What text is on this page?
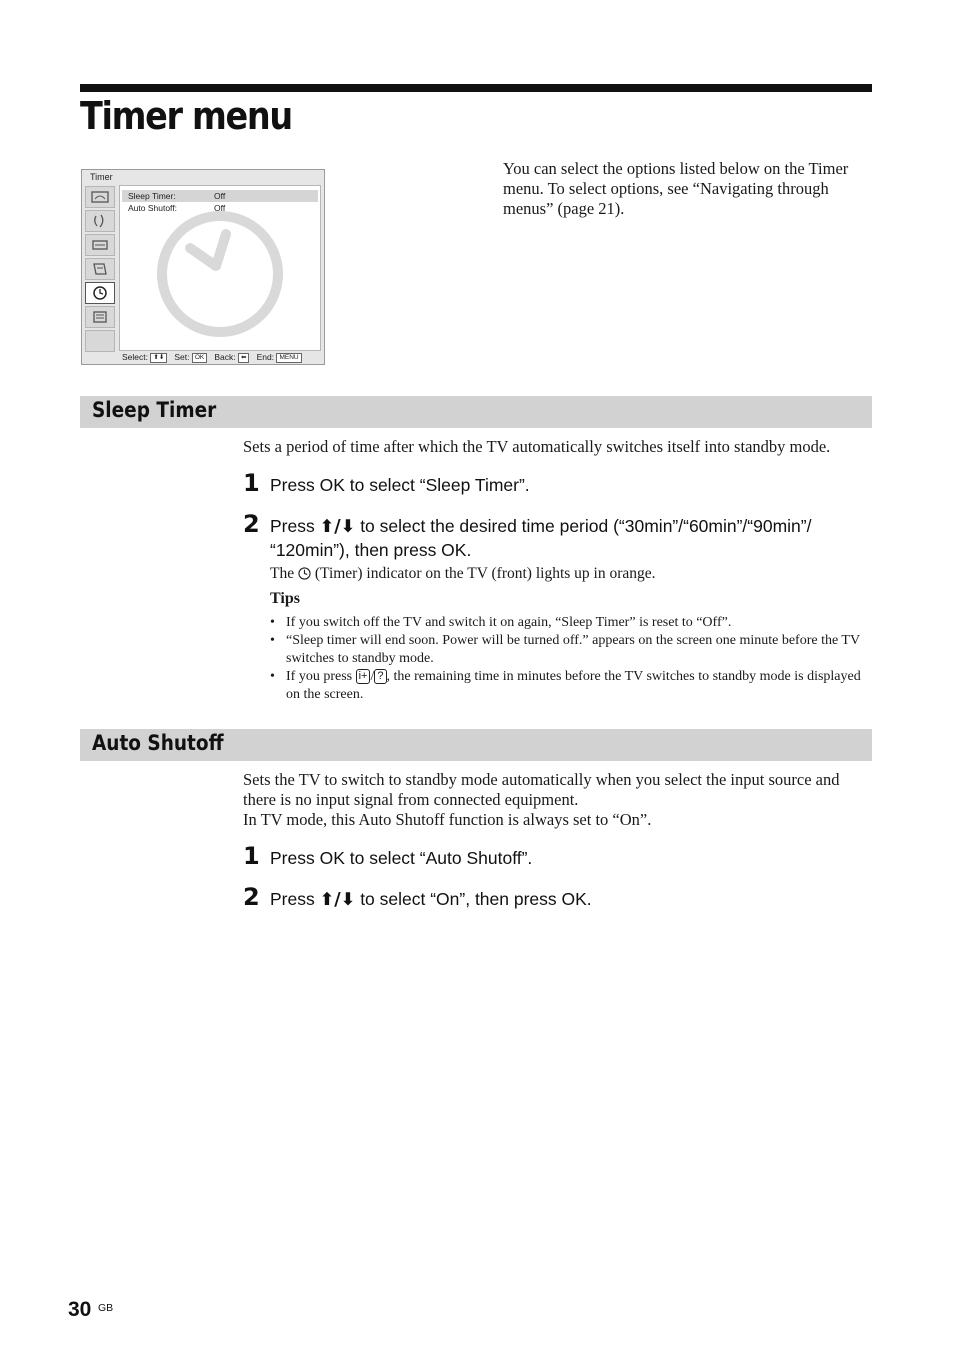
Timer menu
Timer
Sleep Timer:	Off
Auto Shutoff:	Off
Select: ⬆⬇ Set: OK Back: ⬅ End: MENU

You can select the options listed below on the Timer menu. To select options, see “Navigating through menus” (page 21).

Sleep Timer

Sets a period of time after which the TV automatically switches itself into standby mode.

1 Press OK to select “Sleep Timer”.
2 Press ⬆/⬇ to select the desired time period (“30min”/“60min”/“90min”/ “120min”), then press OK.
The  (Timer) indicator on the TV (front) lights up in orange.
Tips
• If you switch off the TV and switch it on again, “Sleep Timer” is reset to “Off”.
• “Sleep timer will end soon. Power will be turned off.” appears on the screen one minute before the TV switches to standby mode.
• If you press i+ / ? , the remaining time in minutes before the TV switches to standby mode is displayed on the screen.
Auto Shutoff

Sets the TV to switch to standby mode automatically when you select the input source and there is no input signal from connected equipment.

In TV mode, this Auto Shutoff function is always set to “On”.

1 Press OK to select “Auto Shutoff”.
2 Press ⬆/⬇ to select “On”, then press OK.
30 GB
